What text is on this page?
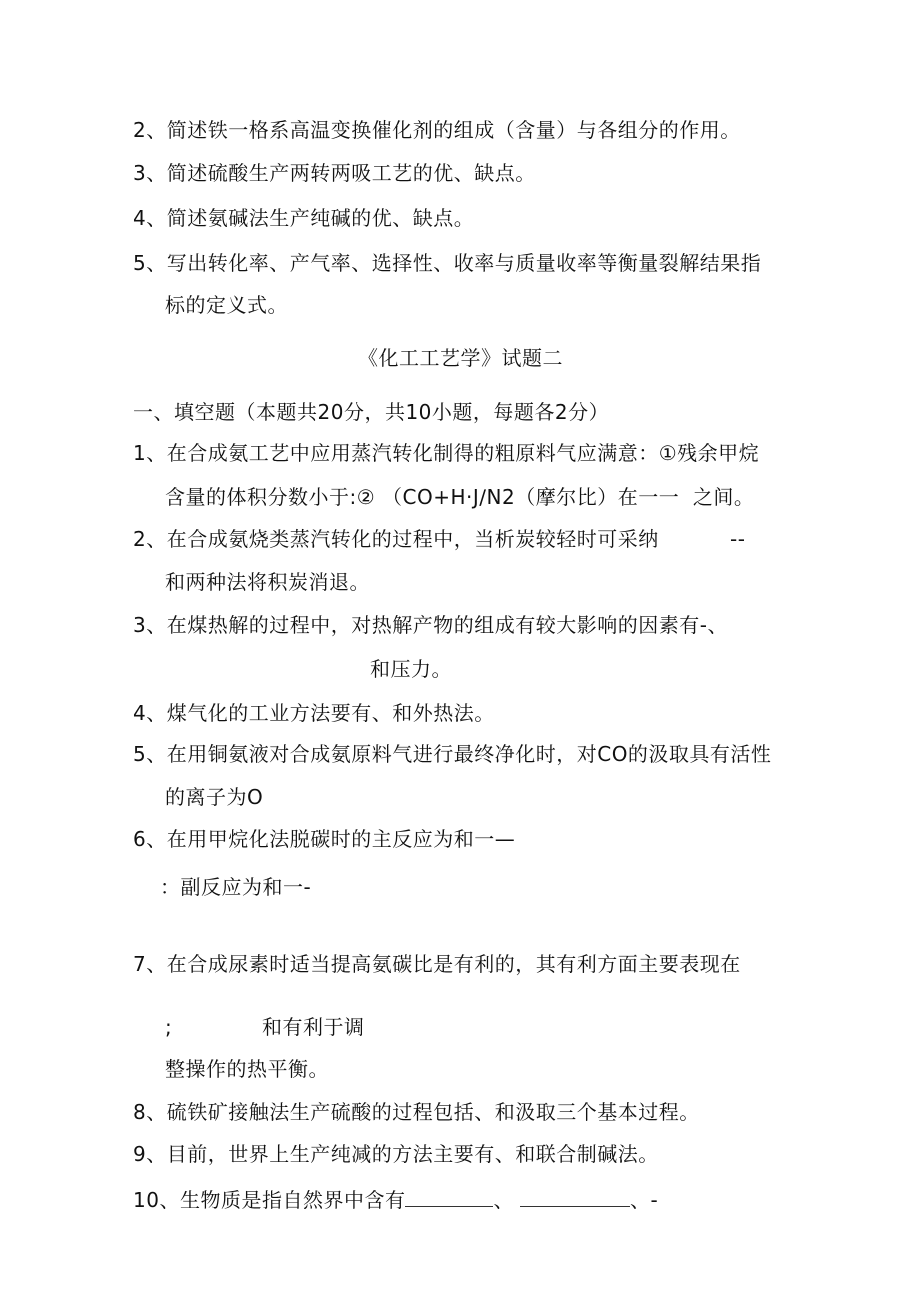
2、简述铁一格系高温变换催化剂的组成（含量）与各组分的作用。
3、简述硫酸生产两转两吸工艺的优、缺点。
4、简述氨碱法生产纯碱的优、缺点。
5、写出转化率、产气率、选择性、收率与质量收率等衡量裂解结果指
标的定义式。
《化工工艺学》试题二
一、填空题（本题共20分，共10小题，每题各2分）
1、在合成氨工艺中应用蒸汽转化制得的粗原料气应满意：①残余甲烷
含量的体积分数小于:② （CO+H·J∕N2（摩尔比）在一一  之间。
2、在合成氨烧类蒸汽转化的过程中，当析炭较轻时可采纳	--
和两种法将积炭消退。
3、在煤热解的过程中，对热解产物的组成有较大影响的因素有-、
和压力。
4、煤气化的工业方法要有、和外热法。
5、在用铜氨液对合成氨原料气进行最终净化时，对CO的汲取具有活性
的离子为O
6、在用甲烷化法脱碳时的主反应为和一—
：副反应为和一-
7、在合成尿素时适当提高氨碳比是有利的，其有利方面主要表现在
;	和有利于调
整操作的热平衡。
8、硫铁矿接触法生产硫酸的过程包括、和汲取三个基本过程。
9、目前，世界上生产纯减的方法主要有、和联合制碱法。
10、生物质是指自然界中含有	、	、-
